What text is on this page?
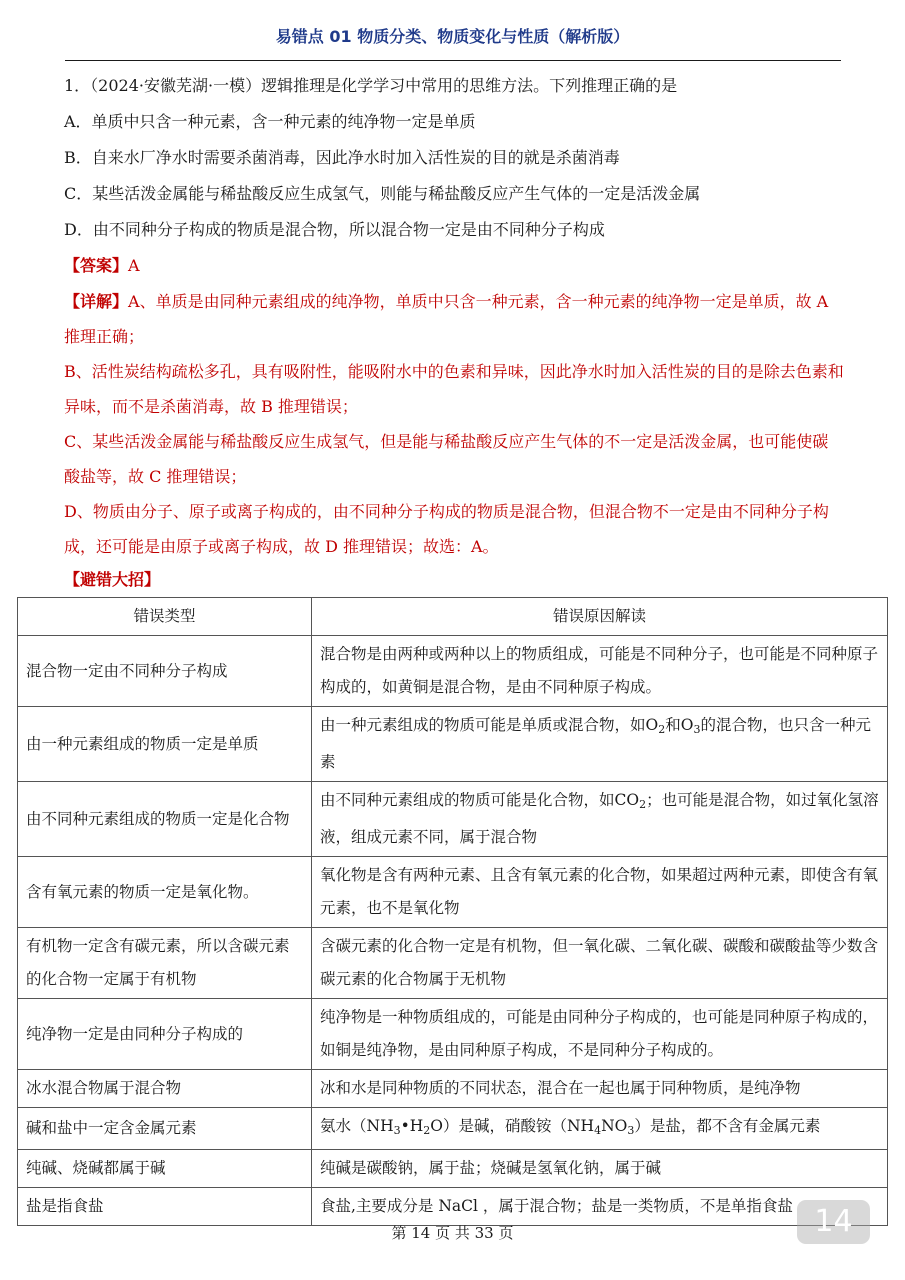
易错点 01 物质分类、物质变化与性质（解析版）
1．（2024·安徽芜湖·一模）逻辑推理是化学学习中常用的思维方法。下列推理正确的是
A．单质中只含一种元素，含一种元素的纯净物一定是单质
B．自来水厂净水时需要杀菌消毒，因此净水时加入活性炭的目的就是杀菌消毒
C．某些活泼金属能与稀盐酸反应生成氢气，则能与稀盐酸反应产生气体的一定是活泼金属
D．由不同种分子构成的物质是混合物，所以混合物一定是由不同种分子构成
【答案】A

【详解】A、单质是由同种元素组成的纯净物，单质中只含一种元素，含一种元素的纯净物一定是单质，故 A 推理正确；

B、活性炭结构疏松多孔，具有吸附性，能吸附水中的色素和异味，因此净水时加入活性炭的目的是除去色素和异味，而不是杀菌消毒，故 B 推理错误；

C、某些活泼金属能与稀盐酸反应生成氢气，但是能与稀盐酸反应产生气体的不一定是活泼金属，也可能使碳酸盐等，故 C 推理错误；

D、物质由分子、原子或离子构成的，由不同种分子构成的物质是混合物，但混合物不一定是由不同种分子构成，还可能是由原子或离子构成，故 D 推理错误；故选：A。

【避错大招】
错误类型	错误原因解读
混合物一定由不同种分子构成	混合物是由两种或两种以上的物质组成，可能是不同种分子，也可能是不同种原子构成的，如黄铜是混合物，是由不同种原子构成。
由一种元素组成的物质一定是单质	由一种元素组成的物质可能是单质或混合物，如$O_2$和$O_3$的混合物，也只含一种元素
由不同种元素组成的物质一定是化合物	由不同种元素组成的物质可能是化合物，如$CO_2$；也可能是混合物，如过氧化氢溶液，组成元素不同，属于混合物
含有氧元素的物质一定是氧化物。	氧化物是含有两种元素、且含有氧元素的化合物，如果超过两种元素，即使含有氧元素，也不是氧化物
有机物一定含有碳元素，所以含碳元素的化合物一定属于有机物	含碳元素的化合物一定是有机物，但一氧化碳、二氧化碳、碳酸和碳酸盐等少数含碳元素的化合物属于无机物
纯净物一定是由同种分子构成的	纯净物是一种物质组成的，可能是由同种分子构成的，也可能是同种原子构成的，如铜是纯净物，是由同种原子构成，不是同种分子构成的。
冰水混合物属于混合物	冰和水是同种物质的不同状态，混合在一起也属于同种物质，是纯净物
碱和盐中一定含金属元素	氨水$(NH_3•H_2O)$是碱，硝酸铵$(NH_4NO_3)$是盐，都不含有金属元素
纯碱、烧碱都属于碱	纯碱是碳酸钠，属于盐；烧碱是氢氧化钠，属于碱
盐是指食盐	食盐,主要成分是 NaCl ，属于混合物；盐是一类物质，不是单指食盐
第 14 页 共 33 页	14
